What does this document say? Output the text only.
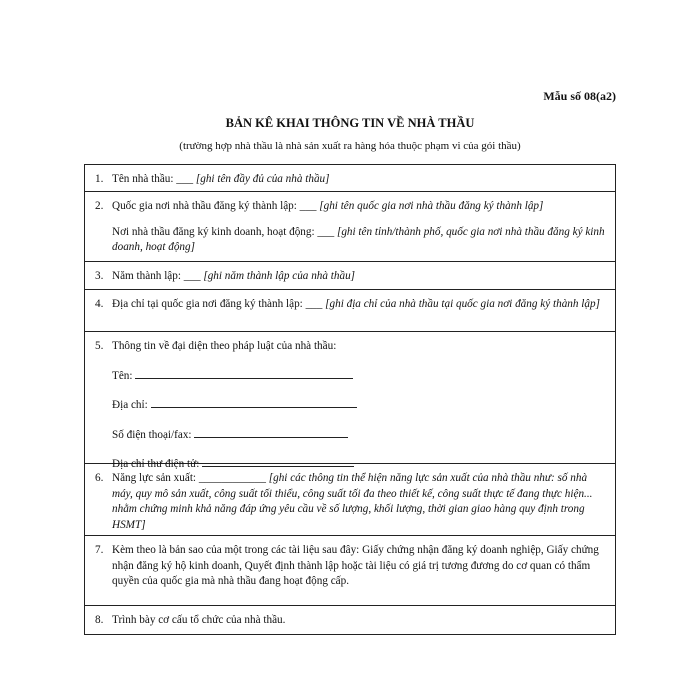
Mẫu số 08(a2)
BẢN KÊ KHAI THÔNG TIN VỀ NHÀ THẦU
(trường hợp nhà thầu là nhà sản xuất ra hàng hóa thuộc phạm vi của gói thầu)
1. Tên nhà thầu: ___ [ghi tên đầy đủ của nhà thầu]
2. Quốc gia nơi nhà thầu đăng ký thành lập: ___ [ghi tên quốc gia nơi nhà thầu đăng ký thành lập]
Nơi nhà thầu đăng ký kinh doanh, hoạt động: ___ [ghi tên tỉnh/thành phố, quốc gia nơi nhà thầu đăng ký kinh doanh, hoạt động]
3. Năm thành lập: ___ [ghi năm thành lập của nhà thầu]
4. Địa chỉ tại quốc gia nơi đăng ký thành lập: ___ [ghi địa chỉ của nhà thầu tại quốc gia nơi đăng ký thành lập]
5. Thông tin về đại diện theo pháp luật của nhà thầu:
Tên:
Địa chỉ:
Số điện thoại/fax:
Địa chỉ thư điện tử:
6. Năng lực sản xuất: ____________ [ghi các thông tin thể hiện năng lực sản xuất của nhà thầu như: số nhà máy, quy mô sản xuất, công suất tối thiểu, công suất tối đa theo thiết kế, công suất thực tế đang thực hiện... nhằm chứng minh khả năng đáp ứng yêu cầu về số lượng, khối lượng, thời gian giao hàng quy định trong HSMT]
7. Kèm theo là bản sao của một trong các tài liệu sau đây: Giấy chứng nhận đăng ký doanh nghiệp, Giấy chứng nhận đăng ký hộ kinh doanh, Quyết định thành lập hoặc tài liệu có giá trị tương đương do cơ quan có thẩm quyền của quốc gia mà nhà thầu đang hoạt động cấp.
8. Trình bày cơ cấu tổ chức của nhà thầu.
